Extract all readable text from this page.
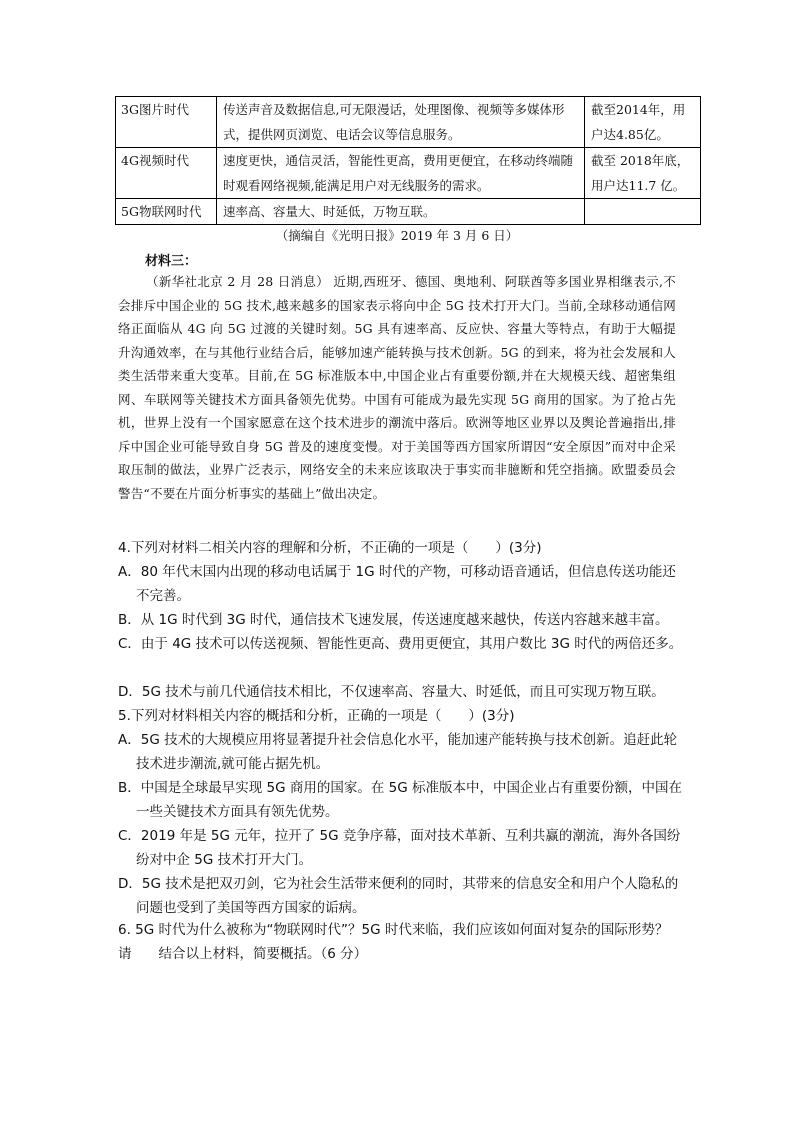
3G图片时代	传送声音及数据信息,可无限漫话，处理图像、视频等多媒体形式，提供网页浏览、电话会议等信息服务。	截至2014年，用户达4.85亿。
4G视频时代	速度更快，通信灵活，智能性更高，费用更便宜，在移动终端随时观看网络视频,能满足用户对无线服务的需求。	截至 2018年底，用户达11.7 亿。
5G物联网时代	速率高、容量大、时延低，万物互联。	
（摘编自《光明日报》2019 年 3 月 6 日）
材料三：

（新华社北京 2 月 28 日消息） 近期,西班牙、德国、奥地利、阿联酋等多国业界相继表示,不会排斥中国企业的 5G 技术,越来越多的国家表示将向中企 5G 技术打开大门。当前,全球移动通信网络正面临从 4G 向 5G 过渡的关键时刻。5G 具有速率高、反应快、容量大等特点，有助于大幅提升沟通效率，在与其他行业结合后，能够加速产能转换与技术创新。5G 的到来，将为社会发展和人类生活带来重大变革。目前,在 5G 标准版本中,中国企业占有重要份额,并在大规模天线、超密集组网、车联网等关键技术方面具备领先优势。中国有可能成为最先实现 5G 商用的国家。为了抢占先机，世界上没有一个国家愿意在这个技术进步的潮流中落后。欧洲等地区业界以及舆论普遍指出,排斥中国企业可能导致自身 5G 普及的速度变慢。对于美国等西方国家所谓因“安全原因”而对中企采取压制的做法，业界广泛表示，网络安全的未来应该取决于事实而非臆断和凭空指摘。欧盟委员会警告“不要在片面分析事实的基础上”做出决定。

4.下列对材料二相关内容的理解和分析，不正确的一项是（　　）(3分)

A．80 年代末国内出现的移动电话属于 1G 时代的产物，可移动语音通话，但信息传送功能还不完善。

B．从 1G 时代到 3G 时代，通信技术飞速发展，传送速度越来越快，传送内容越来越丰富。

C．由于 4G 技术可以传送视频、智能性更高、费用更便宜，其用户数比 3G 时代的两倍还多。

D．5G 技术与前几代通信技术相比，不仅速率高、容量大、时延低，而且可实现万物互联。

5.下列对材料相关内容的概括和分析，正确的一项是（　　）(3分)

A．5G 技术的大规模应用将显著提升社会信息化水平，能加速产能转换与技术创新。追赶此轮技术进步潮流,就可能占据先机。

B．中国是全球最早实现 5G 商用的国家。在 5G 标准版本中，中国企业占有重要份额，中国在一些关键技术方面具有领先优势。

C．2019 年是 5G 元年，拉开了 5G 竞争序幕，面对技术革新、互利共赢的潮流，海外各国纷纷对中企 5G 技术打开大门。

D．5G 技术是把双刃剑，它为社会生活带来便利的同时，其带来的信息安全和用户个人隐私的问题也受到了美国等西方国家的诟病。

6. 5G 时代为什么被称为“物联网时代”？5G 时代来临，我们应该如何面对复杂的国际形势？

请　　结合以上材料，简要概括。（6 分）
